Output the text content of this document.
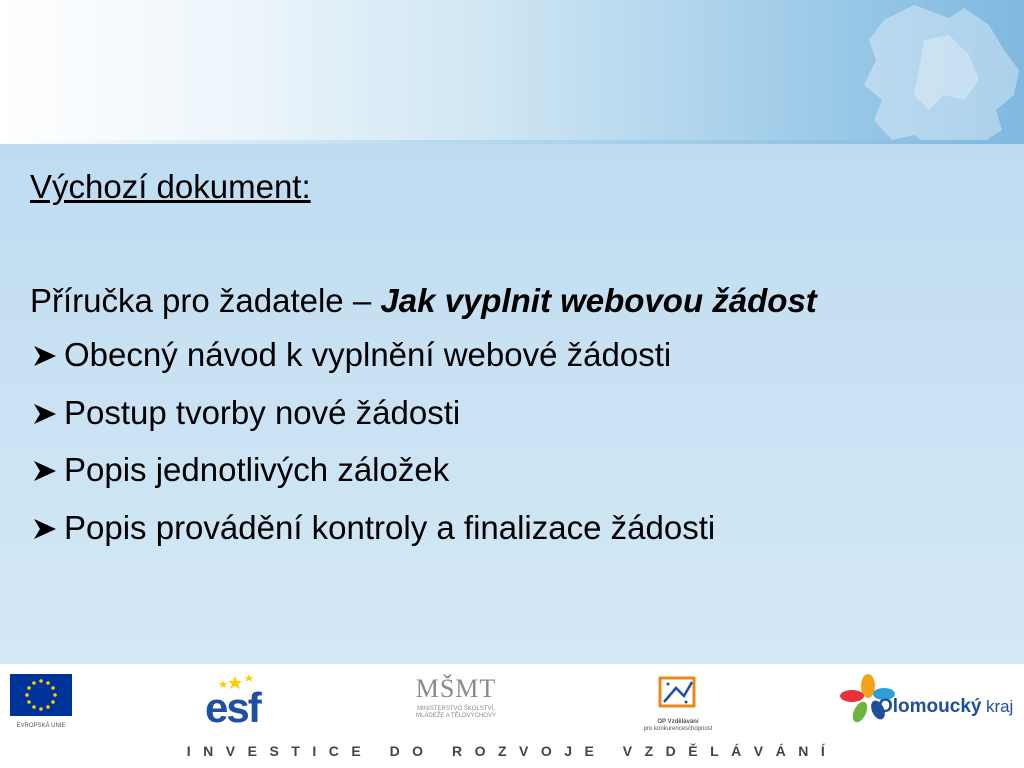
Výchozí dokument:
Příručka pro žadatele – Jak vyplnit webovou žádost
Obecný návod k vyplnění webové žádosti
Postup tvorby nové žádosti
Popis jednotlivých záložek
Popis provádění kontroly a finalizace žádosti
EVROPSKÁ UNIE	esf	MŠMT
MINISTERSTVO ŠKOLSTVÍ,
MLÁDEŽE A TĚLOVÝCHOVY
OP Vzdělávání
pro konkurenceschopnost
Olomoucký kraj
INVESTICE DO ROZVOJE VZDĚLÁVÁNÍ
